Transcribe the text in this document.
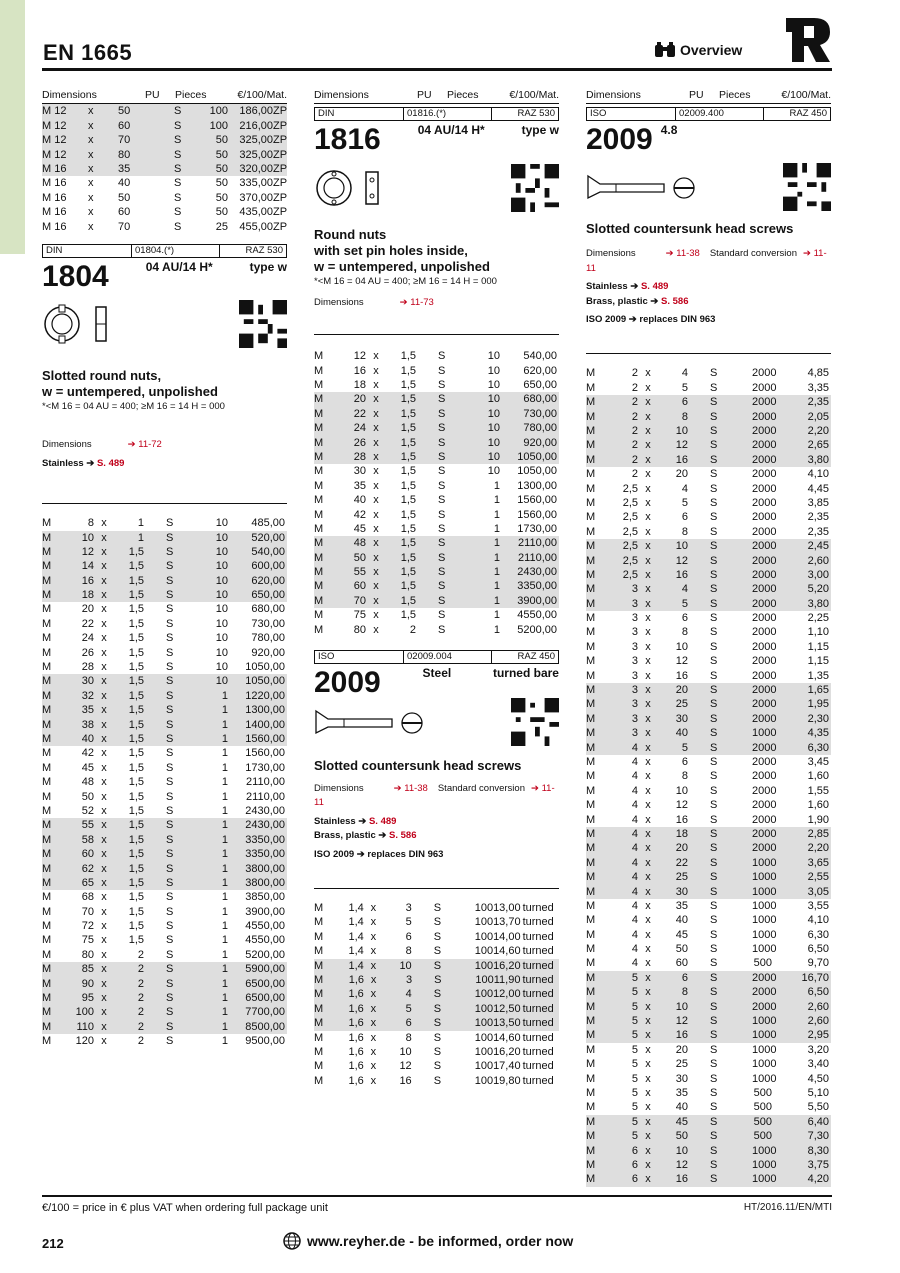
EN 1665	Overview
Dimensions	PU	Pieces	€/100/Mat.
M 12	x	50	S	100	186,00 ZP
M 12	x	60	S	100	216,00 ZP
M 12	x	70	S	50	325,00 ZP
M 12	x	80	S	50	325,00 ZP
M 16	x	35	S	50	320,00 ZP
M 16	x	40	S	50	335,00 ZP
M 16	x	50	S	50	370,00 ZP
M 16	x	60	S	50	435,00 ZP
M 16	x	70	S	25	455,00 ZP
DIN	01804.(*)	RAZ 530
1804	04 AU/14 H*	type w
Slotted round nuts,
w = untempered, unpolished
*<M 16 = 04 AU = 400; ≥M 16 = 14 H = 000
Dimensions	➔ 11-72
Stainless ➔ S. 489
M	8 x	1	S	10	485,00
M	10 x	1	S	10	520,00
M	12 x	1,5	S	10	540,00
M	14 x	1,5	S	10	600,00
M	16 x	1,5	S	10	620,00
M	18 x	1,5	S	10	650,00
M	20 x	1,5	S	10	680,00
M	22 x	1,5	S	10	730,00
M	24 x	1,5	S	10	780,00
M	26 x	1,5	S	10	920,00
M	28 x	1,5	S	10	1050,00
M	30 x	1,5	S	10	1050,00
M	32 x	1,5	S	1	1220,00
M	35 x	1,5	S	1	1300,00
M	38 x	1,5	S	1	1400,00
M	40 x	1,5	S	1	1560,00
M	42 x	1,5	S	1	1560,00
M	45 x	1,5	S	1	1730,00
M	48 x	1,5	S	1	2110,00
M	50 x	1,5	S	1	2110,00
M	52 x	1,5	S	1	2430,00
M	55 x	1,5	S	1	2430,00
M	58 x	1,5	S	1	3350,00
M	60 x	1,5	S	1	3350,00
M	62 x	1,5	S	1	3800,00
M	65 x	1,5	S	1	3800,00
M	68 x	1,5	S	1	3850,00
M	70 x	1,5	S	1	3900,00
M	72 x	1,5	S	1	4550,00
M	75 x	1,5	S	1	4550,00
M	80 x	2	S	1	5200,00
M	85 x	2	S	1	5900,00
M	90 x	2	S	1	6500,00
M	95 x	2	S	1	6500,00
M	100 x	2	S	1	7700,00
M	110 x	2	S	1	8500,00
M	120 x	2	S	1	9500,00
Dimensions	PU	Pieces	€/100/Mat.
DIN	01816.(*)	RAZ 530
1816	04 AU/14 H*	type w
Round nuts
with set pin holes inside,
w = untempered, unpolished
*<M 16 = 04 AU = 400; ≥M 16 = 14 H = 000
Dimensions	➔ 11-73
M	12 x	1,5	S	10	540,00
M	16 x	1,5	S	10	620,00
M	18 x	1,5	S	10	650,00
M	20 x	1,5	S	10	680,00
M	22 x	1,5	S	10	730,00
M	24 x	1,5	S	10	780,00
M	26 x	1,5	S	10	920,00
M	28 x	1,5	S	10	1050,00
M	30 x	1,5	S	10	1050,00
M	35 x	1,5	S	1	1300,00
M	40 x	1,5	S	1	1560,00
M	42 x	1,5	S	1	1560,00
M	45 x	1,5	S	1	1730,00
M	48 x	1,5	S	1	2110,00
M	50 x	1,5	S	1	2110,00
M	55 x	1,5	S	1	2430,00
M	60 x	1,5	S	1	3350,00
M	70 x	1,5	S	1	3900,00
M	75 x	1,5	S	1	4550,00
M	80 x	2	S	1	5200,00
ISO	02009.004	RAZ 450
2009	Steel	turned bare
Slotted countersunk head screws
Dimensions	➔ 11-38 Standard conversion ➔ 11-11
Stainless ➔ S. 489
Brass, plastic ➔ S. 586
ISO 2009 ➔ replaces DIN 963
M	1,4 x	3	S	100 13,00 turned
M	1,4 x	5	S	100 13,70 turned
M	1,4 x	6	S	100 14,00 turned
M	1,4 x	8	S	100 14,60 turned
M	1,4 x	10	S	100 16,20 turned
M	1,6 x	3	S	100 11,90 turned
M	1,6 x	4	S	100 12,00 turned
M	1,6 x	5	S	100 12,50 turned
M	1,6 x	6	S	100 13,50 turned
M	1,6 x	8	S	100 14,60 turned
M	1,6 x	10	S	100 16,20 turned
M	1,6 x	12	S	100 17,40 turned
M	1,6 x	16	S	100 19,80 turned
Dimensions	PU	Pieces	€/100/Mat.
ISO	02009.400	RAZ 450
2009 4.8
Slotted countersunk head screws
Dimensions	➔ 11-38 Standard conversion ➔ 11-11
Stainless ➔ S. 489
Brass, plastic ➔ S. 586
ISO 2009 ➔ replaces DIN 963
M	2 x	4	S	2000	4,85
M	2 x	5	S	2000	3,35
M	2 x	6	S	2000	2,35
M	2 x	8	S	2000	2,05
M	2 x	10	S	2000	2,20
M	2 x	12	S	2000	2,65
M	2 x	16	S	2000	3,80
M	2 x	20	S	2000	4,10
M	2,5 x	4	S	2000	4,45
M	2,5 x	5	S	2000	3,85
M	2,5 x	6	S	2000	2,35
M	2,5 x	8	S	2000	2,35
M	2,5 x	10	S	2000	2,45
M	2,5 x	12	S	2000	2,60
M	2,5 x	16	S	2000	3,00
M	3 x	4	S	2000	5,20
M	3 x	5	S	2000	3,80
M	3 x	6	S	2000	2,25
M	3 x	8	S	2000	1,10
M	3 x	10	S	2000	1,15
M	3 x	12	S	2000	1,15
M	3 x	16	S	2000	1,35
M	3 x	20	S	2000	1,65
M	3 x	25	S	2000	1,95
M	3 x	30	S	2000	2,30
M	3 x	40	S	1000	4,35
M	4 x	5	S	2000	6,30
M	4 x	6	S	2000	3,45
M	4 x	8	S	2000	1,60
M	4 x	10	S	2000	1,55
M	4 x	12	S	2000	1,60
M	4 x	16	S	2000	1,90
M	4 x	18	S	2000	2,85
M	4 x	20	S	2000	2,20
M	4 x	22	S	1000	3,65
M	4 x	25	S	1000	2,55
M	4 x	30	S	1000	3,05
M	4 x	35	S	1000	3,55
M	4 x	40	S	1000	4,10
M	4 x	45	S	1000	6,30
M	4 x	50	S	1000	6,50
M	4 x	60	S	500	9,70
M	5 x	6	S	2000	16,70
M	5 x	8	S	2000	6,50
M	5 x	10	S	2000	2,60
M	5 x	12	S	1000	2,60
M	5 x	16	S	1000	2,95
M	5 x	20	S	1000	3,20
M	5 x	25	S	1000	3,40
M	5 x	30	S	1000	4,50
M	5 x	35	S	500	5,10
M	5 x	40	S	500	5,50
M	5 x	45	S	500	6,40
M	5 x	50	S	500	7,30
M	6 x	10	S	1000	8,30
M	6 x	12	S	1000	3,75
M	6 x	16	S	1000	4,20
€/100 = price in € plus VAT when ordering full package unit	HT/2016.11/EN/MTI
212	www.reyher.de - be informed, order now
